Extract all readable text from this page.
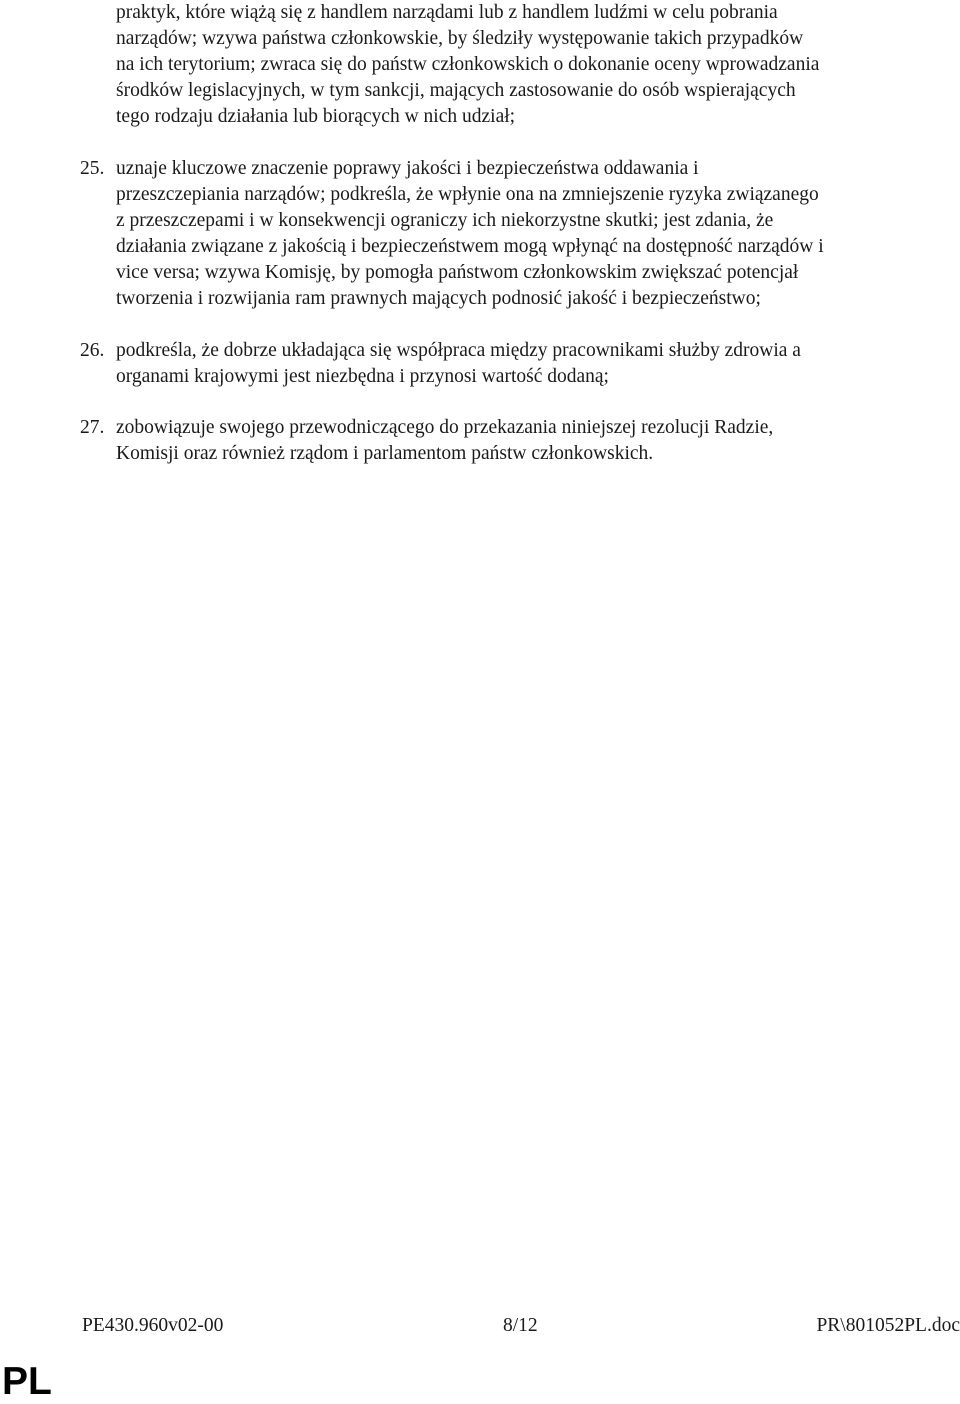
praktyk, które wiążą się z handlem narządami lub z handlem ludźmi w celu pobrania
narządów; wzywa państwa członkowskie, by śledziły występowanie takich przypadków
na ich terytorium; zwraca się do państw członkowskich o dokonanie oceny wprowadzania
środków legislacyjnych, w tym sankcji, mających zastosowanie do osób wspierających
tego rodzaju działania lub biorących w nich udział;
25. uznaje kluczowe znaczenie poprawy jakości i bezpieczeństwa oddawania i
przeszczepiania narządów; podkreśla, że wpłynie ona na zmniejszenie ryzyka związanego
z przeszczepami i w konsekwencji ograniczy ich niekorzystne skutki; jest zdania, że
działania związane z jakością i bezpieczeństwem mogą wpłynąć na dostępność narządów i
vice versa; wzywa Komisję, by pomogła państwom członkowskim zwiększać potencjał
tworzenia i rozwijania ram prawnych mających podnosić jakość i bezpieczeństwo;
26. podkreśla, że dobrze układająca się współpraca między pracownikami służby zdrowia a
organami krajowymi jest niezbędna i przynosi wartość dodaną;
27. zobowiązuje swojego przewodniczącego do przekazania niniejszej rezolucji Radzie,
Komisji oraz również rządom i parlamentom państw członkowskich.
PE430.960v02-00	8/12	PR\801052PL.doc
PL
